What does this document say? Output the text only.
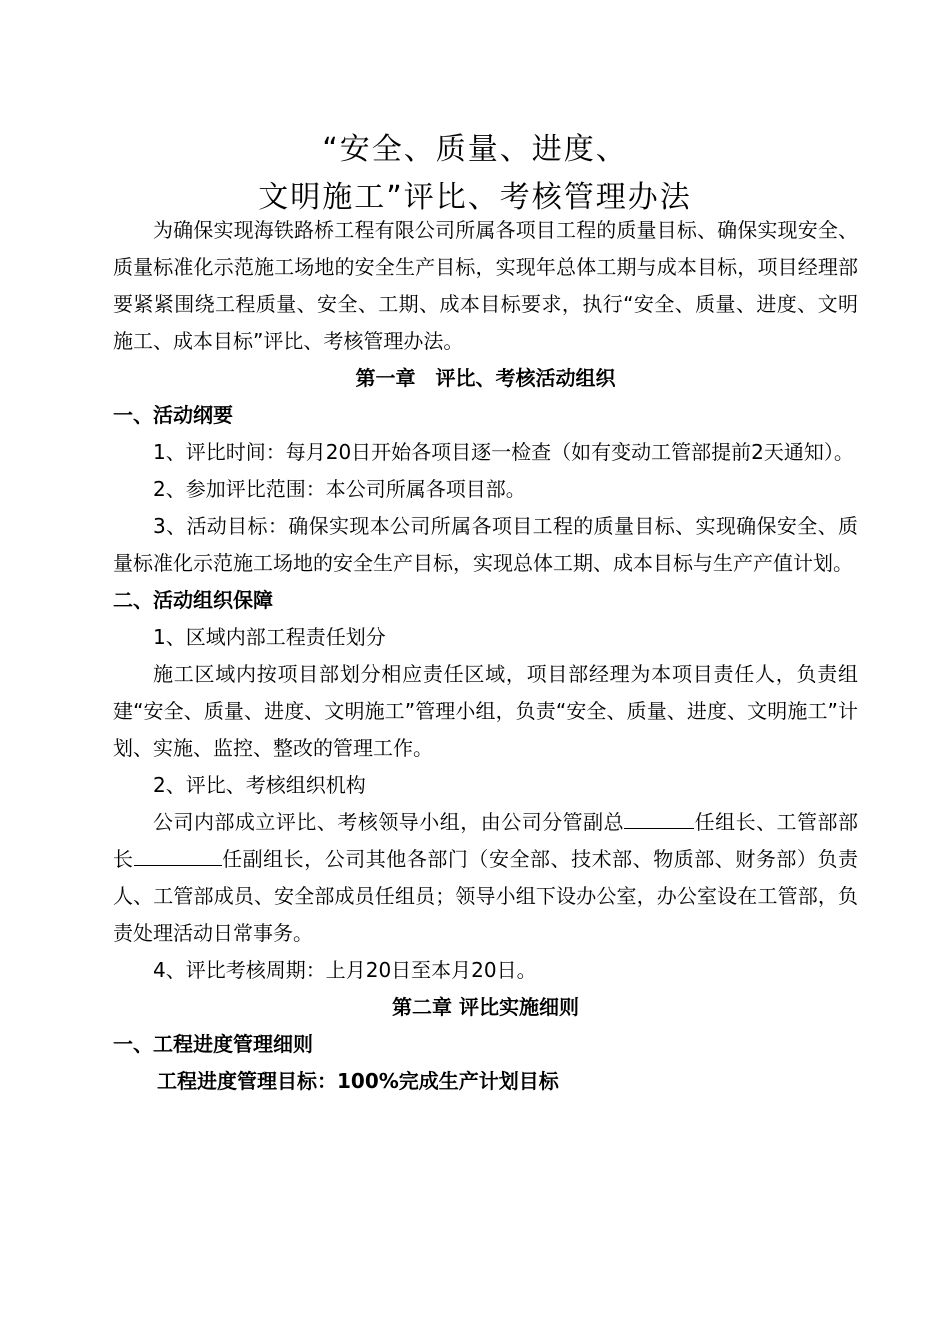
“安全、质量、进度、
文明施工”评比、考核管理办法

为确保实现海铁路桥工程有限公司所属各项目工程的质量目标、确保实现安全、质量标准化示范施工场地的安全生产目标，实现年总体工期与成本目标，项目经理部要紧紧围绕工程质量、安全、工期、成本目标要求，执行“安全、质量、进度、文明施工、成本目标”评比、考核管理办法。

第一章　评比、考核活动组织

一、活动纲要

1、评比时间：每月20日开始各项目逐一检查（如有变动工管部提前2天通知）。

2、参加评比范围：本公司所属各项目部。

3、活动目标：确保实现本公司所属各项目工程的质量目标、实现确保安全、质量标准化示范施工场地的安全生产目标，实现总体工期、成本目标与生产产值计划。

二、活动组织保障

1、区域内部工程责任划分

施工区域内按项目部划分相应责任区域，项目部经理为本项目责任人，负责组建“安全、质量、进度、文明施工”管理小组，负责“安全、质量、进度、文明施工”计划、实施、监控、整改的管理工作。

2、评比、考核组织机构

公司内部成立评比、考核领导小组，由公司分管副总	任组长、工管部部长	任副组长，公司其他各部门（安全部、技术部、物质部、财务部）负责人、工管部成员、安全部成员任组员；领导小组下设办公室，办公室设在工管部，负责处理活动日常事务。

4、评比考核周期：上月20日至本月20日。

第二章 评比实施细则

一、工程进度管理细则

工程进度管理目标：100%完成生产计划目标
